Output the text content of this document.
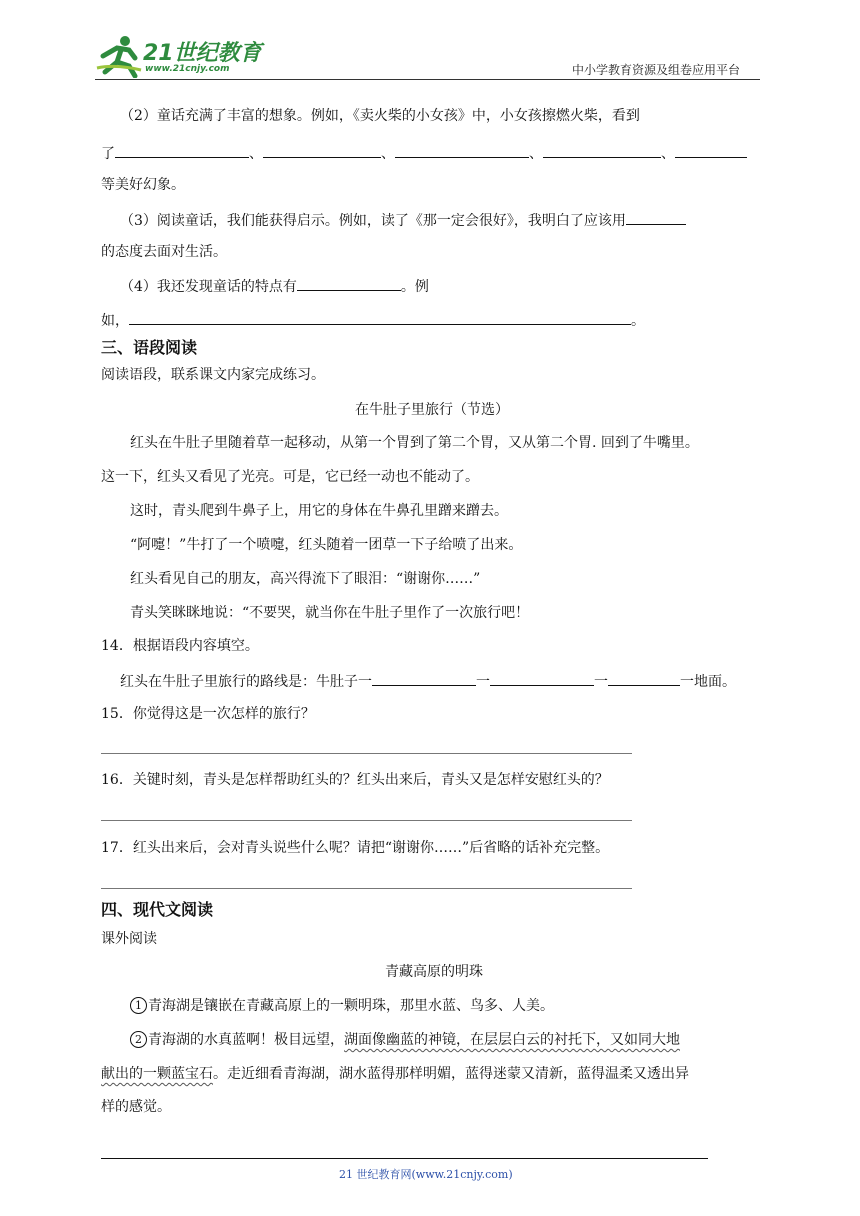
21世纪教育
www.21cnjy.com	中小学教育资源及组卷应用平台
（2）童话充满了丰富的想象。例如，《卖火柴的小女孩》中，小女孩擦燃火柴，看到
了	、	、	、	、
等美好幻象。
（3）阅读童话，我们能获得启示。例如，读了《那一定会很好》，我明白了应该用
的态度去面对生活。
（4）我还发现童话的特点有	。例
如，	。
三、语段阅读
阅读语段，联系课文内家完成练习。
在牛肚子里旅行（节选）
红头在牛肚子里随着草一起移动，从第一个胃到了第二个胃，又从第二个胃. 回到了牛嘴里。
这一下，红头又看见了光亮。可是，它已经一动也不能动了。
这时，青头爬到牛鼻子上，用它的身体在牛鼻孔里蹭来蹭去。
“阿嚏！”牛打了一个喷嚏，红头随着一团草一下子给喷了出来。
红头看见自己的朋友，高兴得流下了眼泪：“谢谢你……”
青头笑眯眯地说：“不要哭，就当你在牛肚子里作了一次旅行吧！
14．根据语段内容填空。
红头在牛肚子里旅行的路线是：牛肚子一	一	一	一地面。
15．你觉得这是一次怎样的旅行？
16．关键时刻，青头是怎样帮助红头的？红头出来后，青头又是怎样安慰红头的？
17．红头出来后，会对青头说些什么呢？请把“谢谢你……”后省略的话补充完整。
四、现代文阅读
课外阅读
青藏高原的明珠
1 青海湖是镶嵌在青藏高原上的一颗明珠，那里水蓝、鸟多、人美。
2 青海湖的水真蓝啊！极目远望，湖面像幽蓝的神镜，在层层白云的衬托下，又如同大地
献出的一颗蓝宝石。走近细看青海湖，湖水蓝得那样明媚，蓝得迷蒙又清新，蓝得温柔又透出异
样的感觉。
21 世纪教育网(www.21cnjy.com)
